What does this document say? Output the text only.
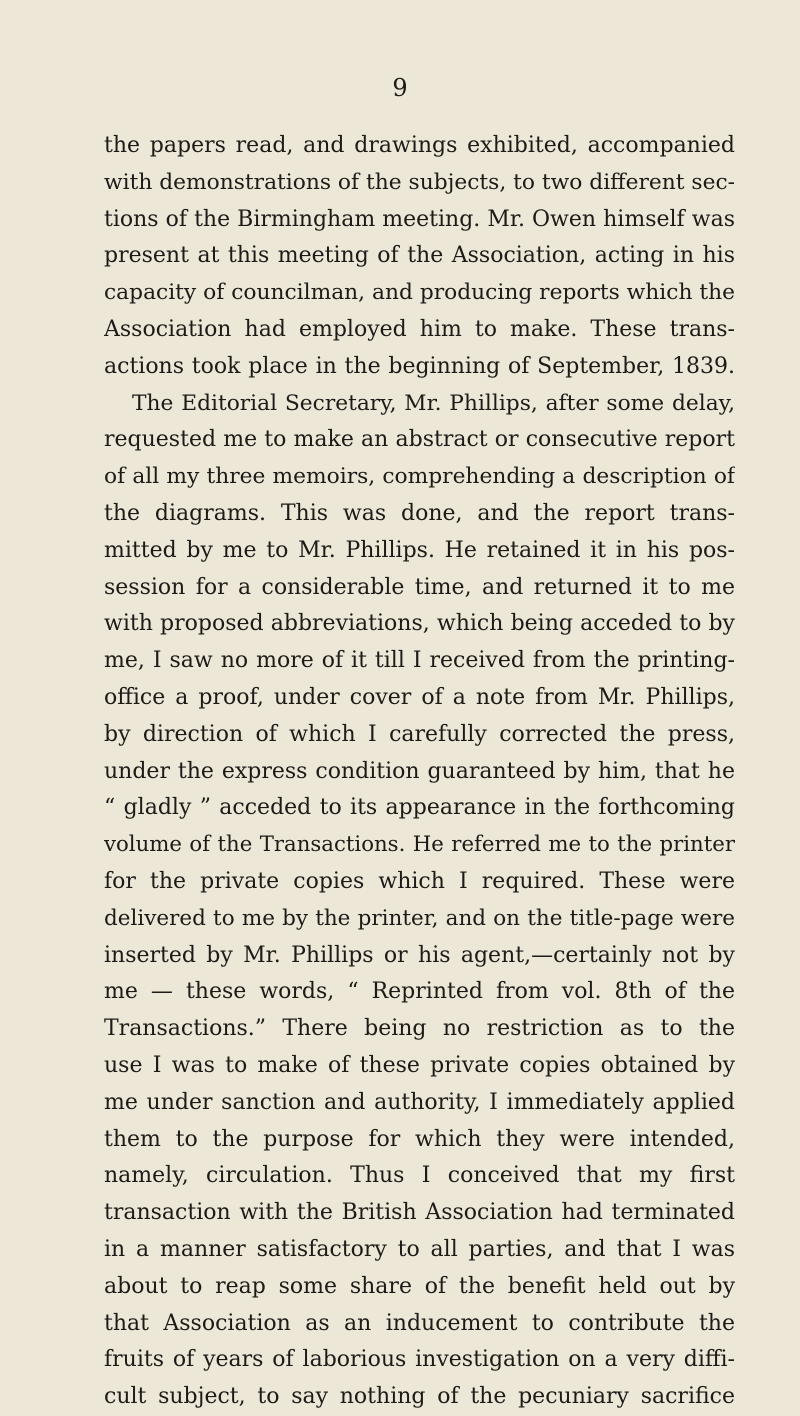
9
the papers read, and drawings exhibited, accompanied
with demonstrations of the subjects, to two different sec-
tions of the Birmingham meeting. Mr. Owen himself was
present at this meeting of the Association, acting in his
capacity of councilman, and producing reports which the
Association had employed him to make. These trans-
actions took place in the beginning of September, 1839.
The Editorial Secretary, Mr. Phillips, after some delay,
requested me to make an abstract or consecutive report
of all my three memoirs, comprehending a description of
the diagrams. This was done, and the report trans-
mitted by me to Mr. Phillips. He retained it in his pos-
session for a considerable time, and returned it to me
with proposed abbreviations, which being acceded to by
me, I saw no more of it till I received from the printing-
office a proof, under cover of a note from Mr. Phillips,
by direction of which I carefully corrected the press,
under the express condition guaranteed by him, that he
“ gladly ” acceded to its appearance in the forthcoming
volume of the Transactions. He referred me to the printer
for the private copies which I required. These were
delivered to me by the printer, and on the title-page were
inserted by Mr. Phillips or his agent,—certainly not by
me — these words, “ Reprinted from vol. 8th of the
Transactions.” There being no restriction as to the
use I was to make of these private copies obtained by
me under sanction and authority, I immediately applied
them to the purpose for which they were intended,
namely, circulation. Thus I conceived that my first
transaction with the British Association had terminated
in a manner satisfactory to all parties, and that I was
about to reap some share of the benefit held out by
that Association as an inducement to contribute the
fruits of years of laborious investigation on a very diffi-
cult subject, to say nothing of the pecuniary sacrifice
